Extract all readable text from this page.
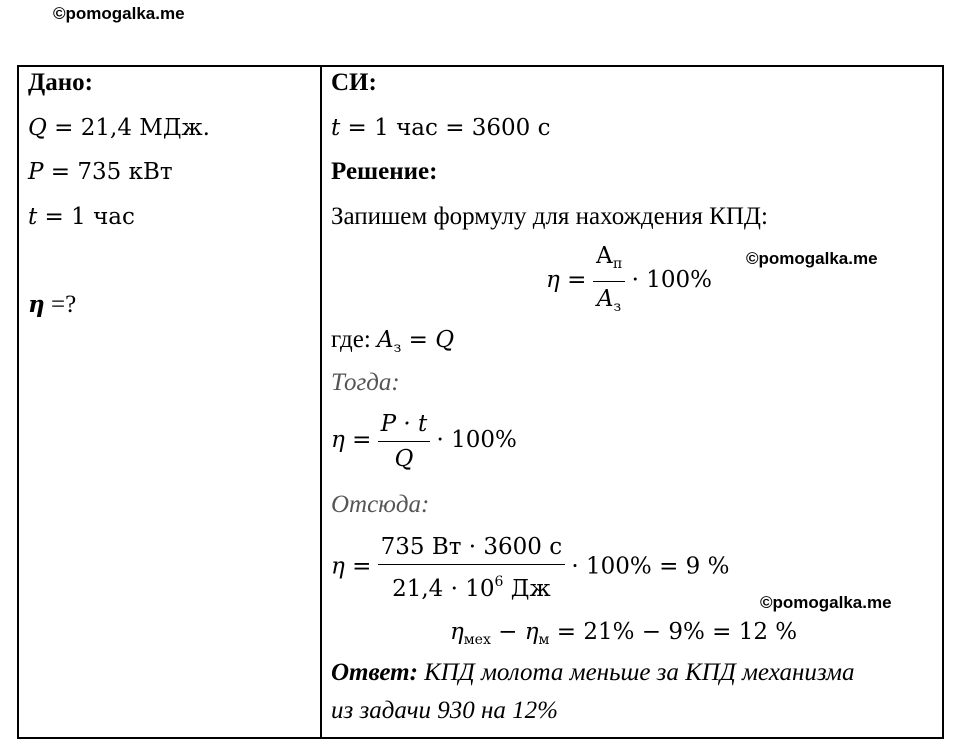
©pomogalka.me
©pomogalka.me
©pomogalka.me
Дано:
Q = 21,4 МДж.
P = 735 кВт
t = 1 час
η =?
СИ:
t = 1 час = 3600 с
Решение:
Запишем формулу для нахождения КПД:
$\eta = \frac{А_п}{A_з} \cdot 100\%$
где: $A_з = Q$
Тогда:
$\eta = \frac{P \cdot t}{Q} \cdot 100\%$
Отсюда:
$\eta = \frac{735 Вт \cdot 3600 с}{21,4 \cdot 10^6 Дж} \cdot 100\% = 9$ %
$\eta_{мех} - \eta_м = 21\% - 9\% = 12$ %
Ответ: КПД молота меньше за КПД механизма
из задачи 930 на 12%
